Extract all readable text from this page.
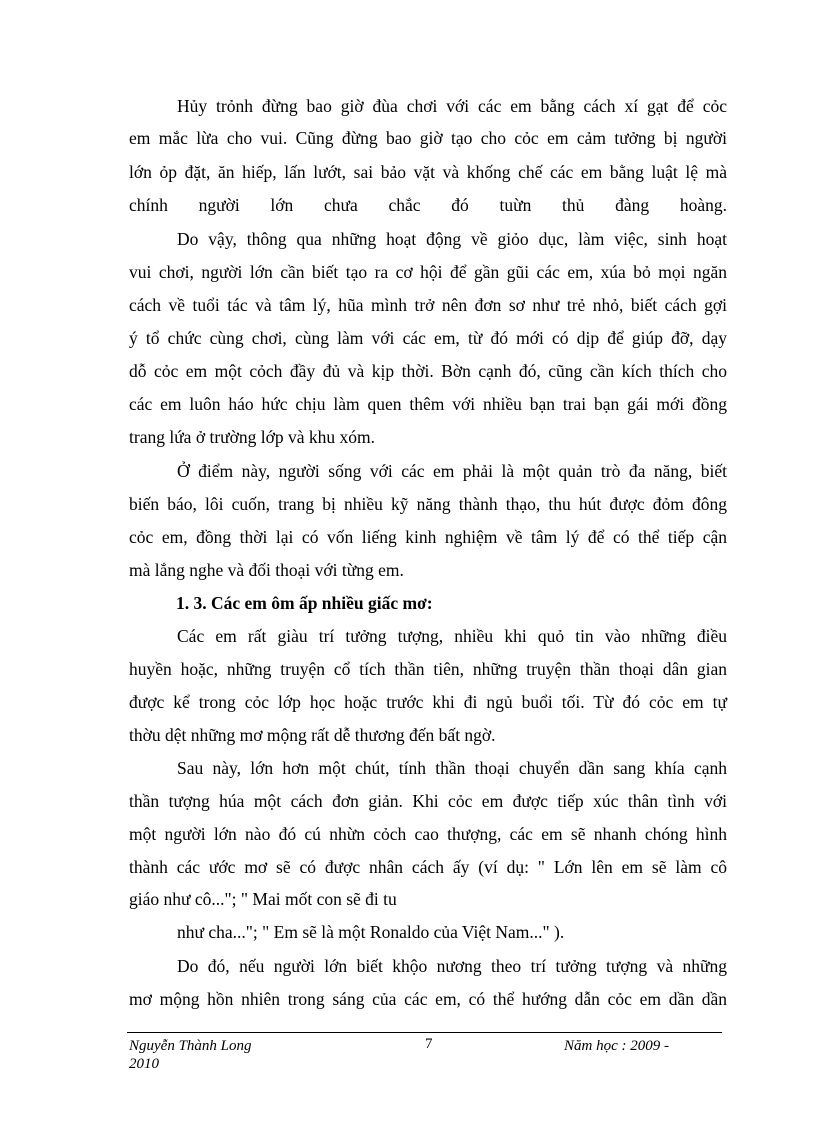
Hủy trỏnh đừng bao giờ đùa chơi với các em bằng cách xí gạt để cỏc
em mắc lừa cho vui. Cũng đừng bao giờ tạo cho cỏc em cảm tưởng bị người
lớn ỏp đặt, ăn hiếp, lấn lướt, sai bảo vặt và khống chế các em bằng luật lệ mà
chính người lớn chưa chắc đó tuừn thủ đàng hoàng.
Do vậy, thông qua những hoạt động về giỏo dục, làm việc, sinh hoạt
vui chơi, người lớn cần biết tạo ra cơ hội để gần gũi các em, xúa bỏ mọi ngăn
cách về tuổi tác và tâm lý, hũa mình trở nên đơn sơ như trẻ nhỏ, biết cách gợi
ý tổ chức cùng chơi, cùng làm với các em, từ đó mới có dịp để giúp đỡ, dạy
dỗ cỏc em một cỏch đầy đủ và kịp thời. Bờn cạnh đó, cũng cần kích thích cho
các em luôn háo hức chịu làm quen thêm với nhiều bạn trai bạn gái mới đồng
trang lứa ở trường lớp và khu xóm.
Ở điểm này, người sống với các em phải là một quản trò đa năng, biết
biến báo, lôi cuốn, trang bị nhiều kỹ năng thành thạo, thu hút được đỏm đông
cỏc em, đồng thời lại có vốn liếng kinh nghiệm về tâm lý để có thể tiếp cận
mà lắng nghe và đối thoại với từng em.
1. 3. Các em ôm ấp nhiều giấc mơ:
Các em rất giàu trí tưởng tượng, nhiều khi quỏ tin vào những điều
huyền hoặc, những truyện cổ tích thần tiên, những truyện thần thoại dân gian
được kể trong cỏc lớp học hoặc trước khi đi ngủ buổi tối. Từ đó cỏc em tự
thờu dệt những mơ mộng rất dễ thương đến bất ngờ.
Sau này, lớn hơn một chút, tính thần thoại chuyển dần sang khía cạnh
thần tượng húa một cách đơn giản. Khi cỏc em được tiếp xúc thân tình với
một người lớn nào đó cú nhừn cỏch cao thượng, các em sẽ nhanh chóng hình
thành các ước mơ sẽ có được nhân cách ấy (ví dụ: " Lớn lên em sẽ làm cô
giáo như cô..."; " Mai mốt con sẽ đi tu
như cha..."; " Em sẽ là một Ronaldo của Việt Nam..." ).
Do đó, nếu người lớn biết khộo nương theo trí tưởng tượng và những
mơ mộng hồn nhiên trong sáng của các em, có thể hướng dẫn cỏc em dần dần
Nguyễn Thành Long	7	Năm học : 2009 -
2010
